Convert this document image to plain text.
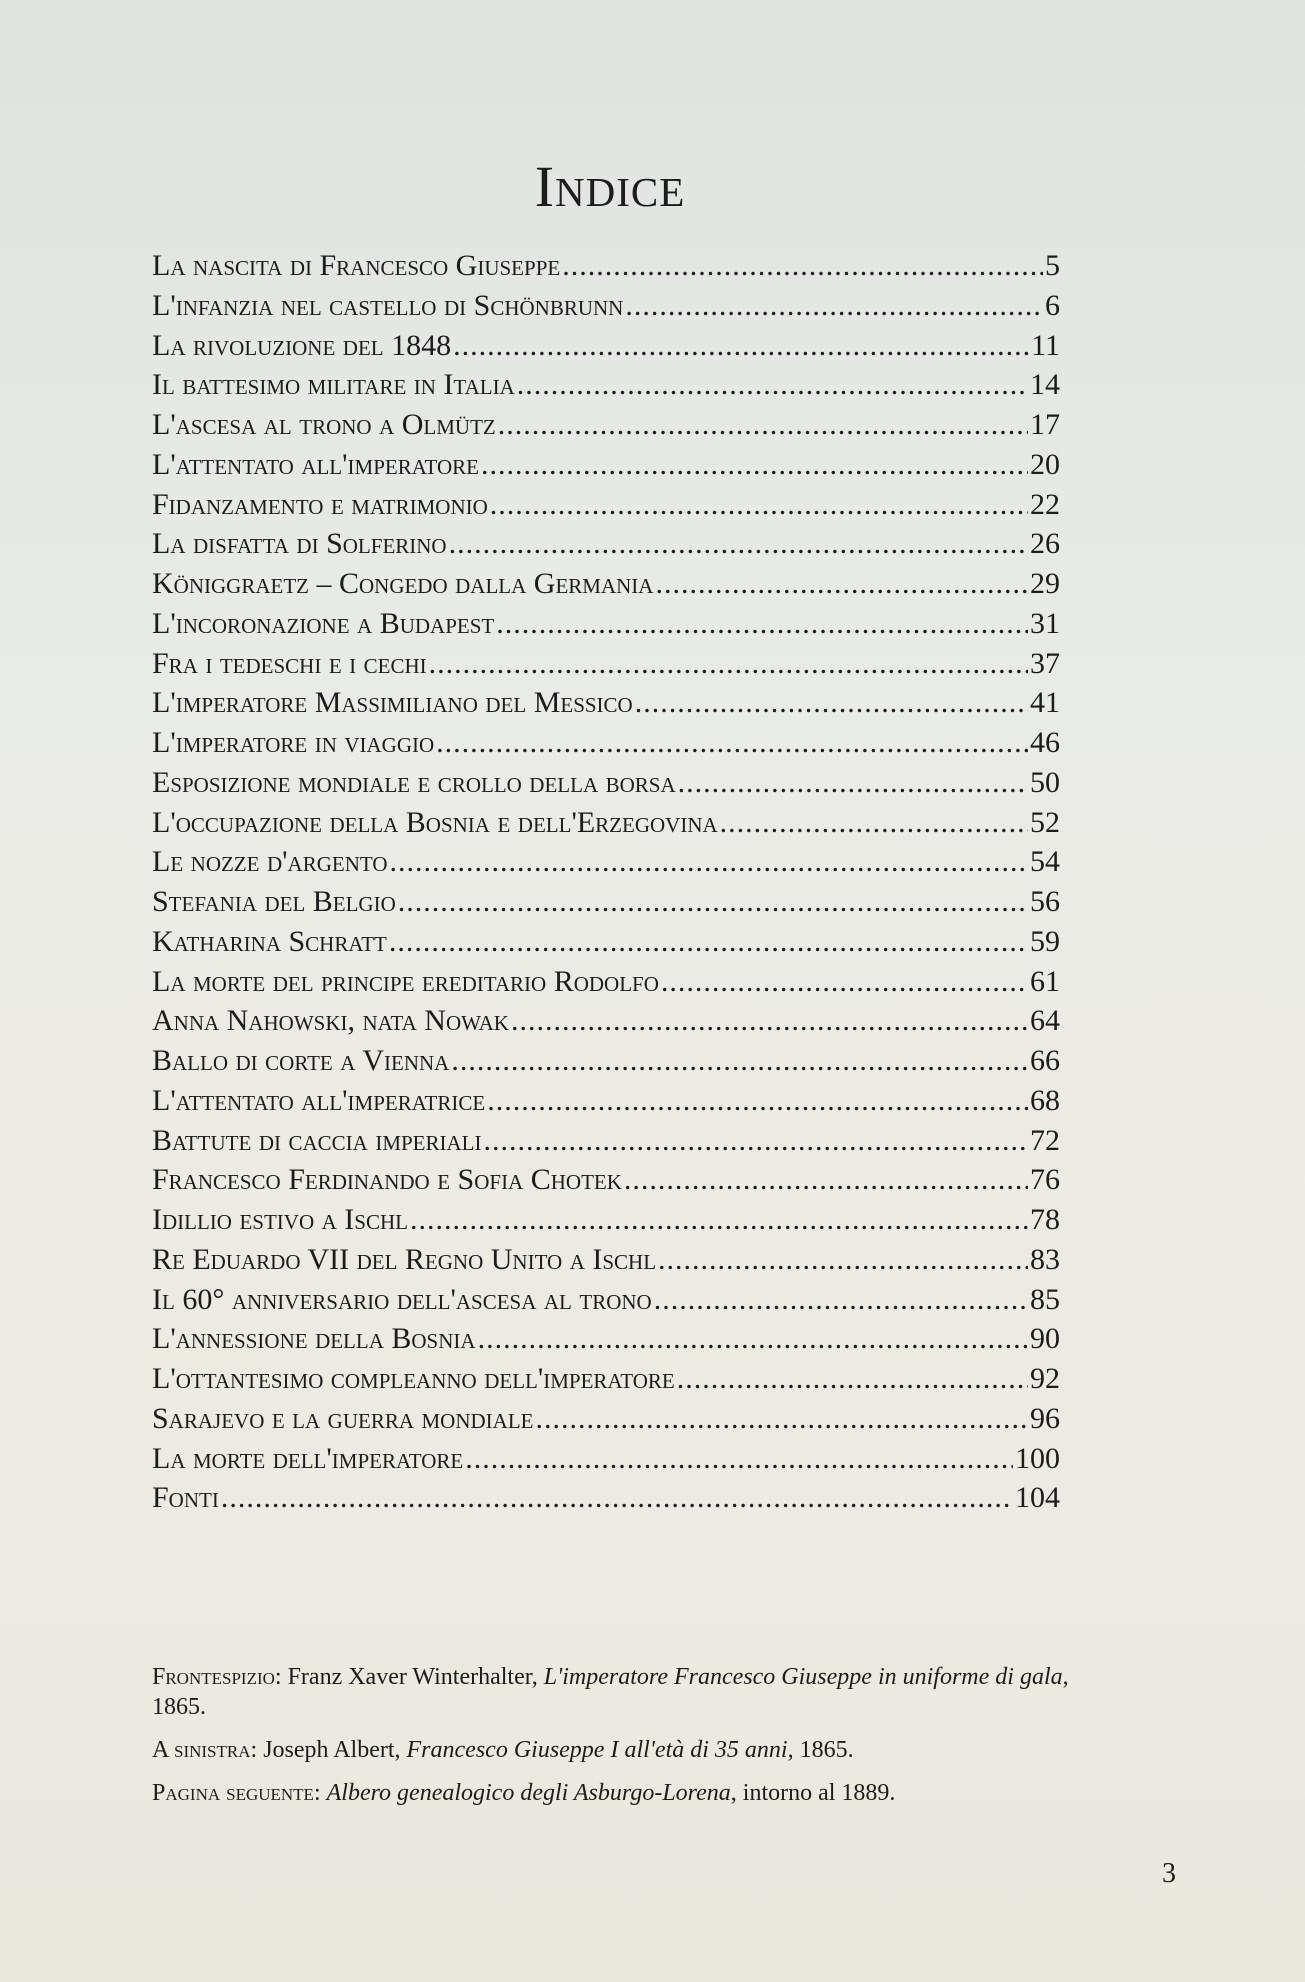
Indice
La nascita di Francesco Giuseppe .....	5
L'infanzia nel castello di Schönbrunn .....	6
La rivoluzione del 1848 .....	11
Il battesimo militare in Italia .....	14
L'ascesa al trono a Olmütz .....	17
L'attentato all'imperatore .....	20
Fidanzamento e matrimonio .....	22
La disfatta di Solferino .....	26
Königgraetz – Congedo dalla Germania .....	29
L'incoronazione a Budapest .....	31
Fra i tedeschi e i cechi .....	37
L'imperatore Massimiliano del Messico .....	41
L'imperatore in viaggio .....	46
Esposizione mondiale e crollo della borsa .....	50
L'occupazione della Bosnia e dell'Erzegovina .....	52
Le nozze d'argento .....	54
Stefania del Belgio .....	56
Katharina Schratt .....	59
La morte del principe ereditario Rodolfo .....	61
Anna Nahowski, nata Nowak .....	64
Ballo di corte a Vienna .....	66
L'attentato all'imperatrice .....	68
Battute di caccia imperiali .....	72
Francesco Ferdinando e Sofia Chotek .....	76
Idillio estivo a Ischl .....	78
Re Eduardo VII del Regno Unito a Ischl .....	83
Il 60° anniversario dell'ascesa al trono .....	85
L'annessione della Bosnia .....	90
L'ottantesimo compleanno dell'imperatore .....	92
Sarajevo e la guerra mondiale .....	96
La morte dell'imperatore .....	100
Fonti .....	104

Frontespizio: Franz Xaver Winterhalter, L'imperatore Francesco Giuseppe in uniforme di gala, 1865.

A sinistra: Joseph Albert, Francesco Giuseppe I all'età di 35 anni, 1865.

Pagina seguente: Albero genealogico degli Asburgo-Lorena, intorno al 1889.

3
